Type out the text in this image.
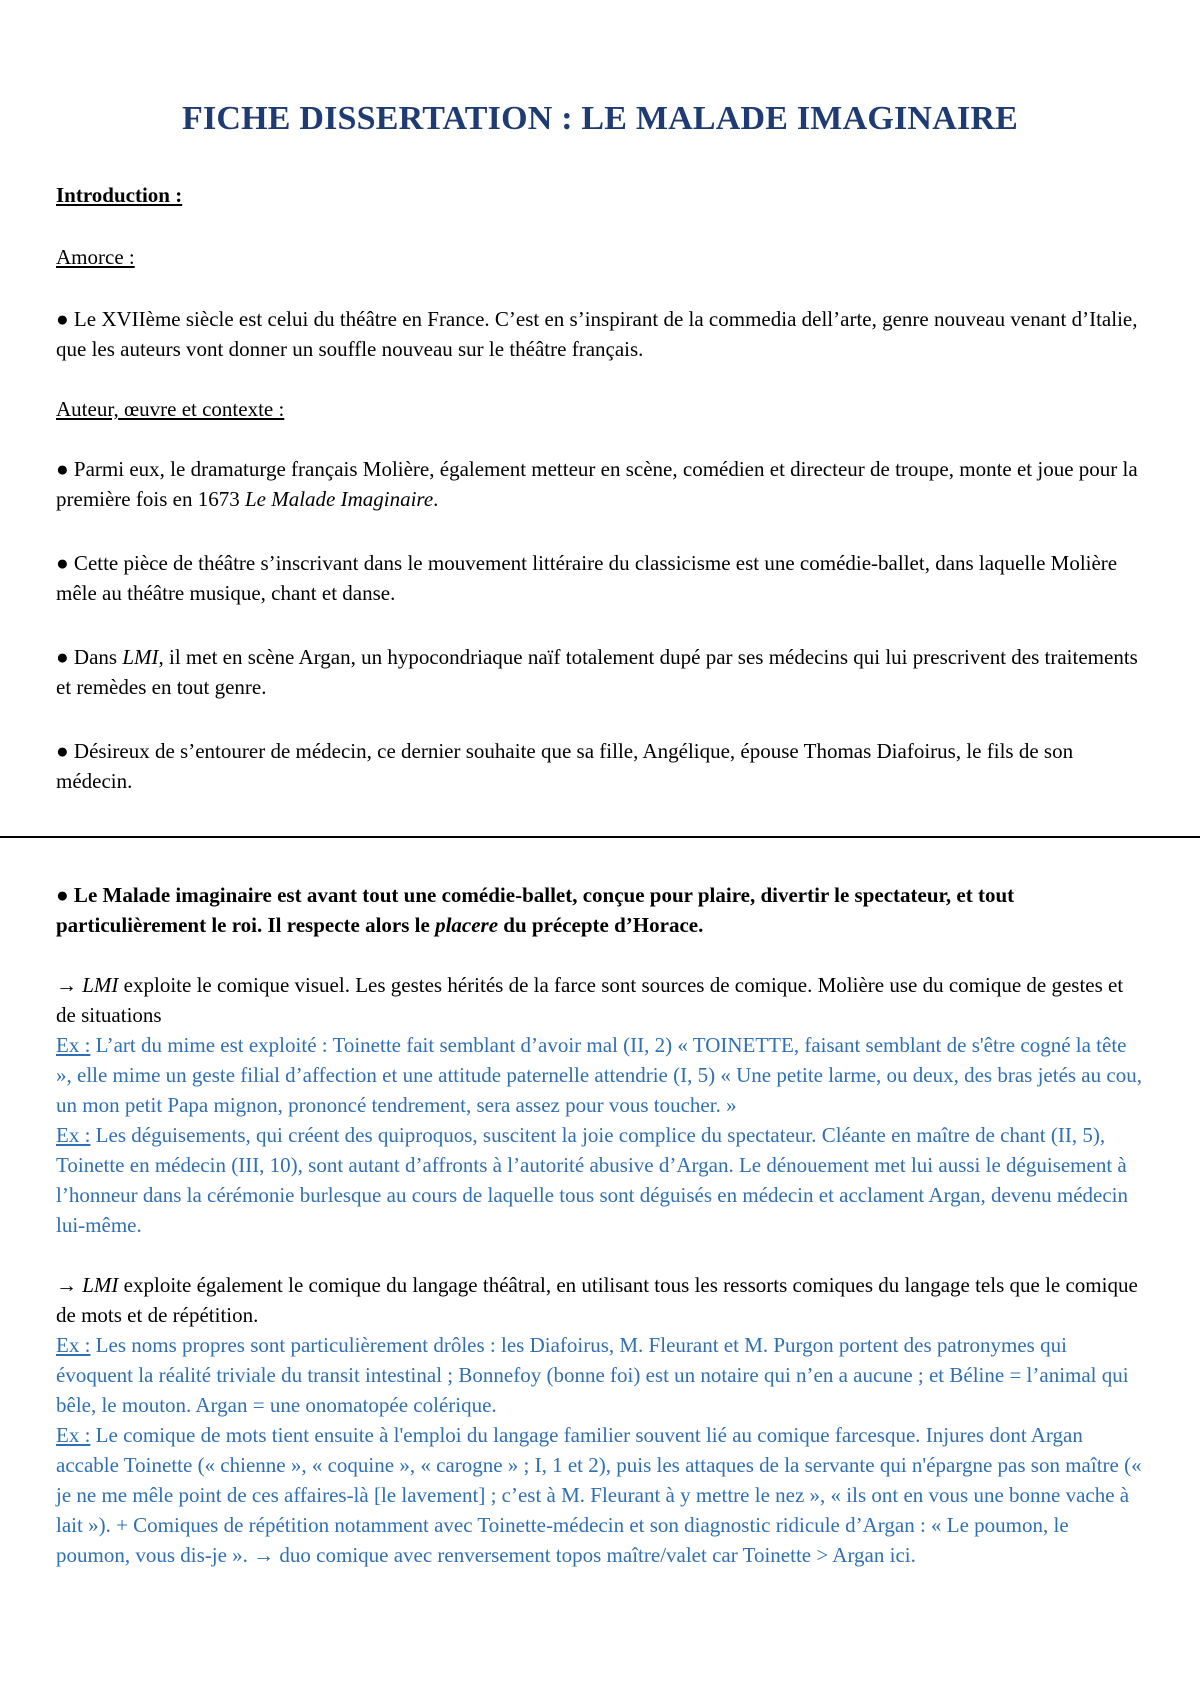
FICHE DISSERTATION : LE MALADE IMAGINAIRE

Introduction :

Amorce :

● Le XVIIème siècle est celui du théâtre en France. C’est en s’inspirant de la commedia dell’arte, genre nouveau venant d’Italie, que les auteurs vont donner un souffle nouveau sur le théâtre français.

Auteur, œuvre et contexte :

● Parmi eux, le dramaturge français Molière, également metteur en scène, comédien et directeur de troupe, monte et joue pour la première fois en 1673 Le Malade Imaginaire.

● Cette pièce de théâtre s’inscrivant dans le mouvement littéraire du classicisme est une comédie-ballet, dans laquelle Molière mêle au théâtre musique, chant et danse.

● Dans LMI, il met en scène Argan, un hypocondriaque naïf totalement dupé par ses médecins qui lui prescrivent des traitements et remèdes en tout genre.

● Désireux de s’entourer de médecin, ce dernier souhaite que sa fille, Angélique, épouse Thomas Diafoirus, le fils de son médecin.

● Le Malade imaginaire est avant tout une comédie-ballet, conçue pour plaire, divertir le spectateur, et tout particulièrement le roi. Il respecte alors le placere du précepte d’Horace.

→ LMI exploite le comique visuel. Les gestes hérités de la farce sont sources de comique. Molière use du comique de gestes et de situations

Ex : L’art du mime est exploité : Toinette fait semblant d’avoir mal (II, 2) « TOINETTE, faisant semblant de s'être cogné la tête », elle mime un geste filial d’affection et une attitude paternelle attendrie (I, 5) « Une petite larme, ou deux, des bras jetés au cou, un mon petit Papa mignon, prononcé tendrement, sera assez pour vous toucher. »

Ex : Les déguisements, qui créent des quiproquos, suscitent la joie complice du spectateur. Cléante en maître de chant (II, 5), Toinette en médecin (III, 10), sont autant d’affronts à l’autorité abusive d’Argan. Le dénouement met lui aussi le déguisement à l’honneur dans la cérémonie burlesque au cours de laquelle tous sont déguisés en médecin et acclament Argan, devenu médecin lui-même.

→ LMI exploite également le comique du langage théâtral, en utilisant tous les ressorts comiques du langage tels que le comique de mots et de répétition.

Ex : Les noms propres sont particulièrement drôles : les Diafoirus, M. Fleurant et M. Purgon portent des patronymes qui évoquent la réalité triviale du transit intestinal ; Bonnefoy (bonne foi) est un notaire qui n’en a aucune ; et Béline = l’animal qui bêle, le mouton. Argan = une onomatopée colérique.

Ex : Le comique de mots tient ensuite à l'emploi du langage familier souvent lié au comique farcesque. Injures dont Argan accable Toinette (« chienne », « coquine », « carogne » ; I, 1 et 2), puis les attaques de la servante qui n'épargne pas son maître (« je ne me mêle point de ces affaires-là [le lavement] ; c’est à M. Fleurant à y mettre le nez », « ils ont en vous une bonne vache à lait »). + Comiques de répétition notamment avec Toinette-médecin et son diagnostic ridicule d’Argan : « Le poumon, le poumon, vous dis-je ». → duo comique avec renversement topos maître/valet car Toinette > Argan ici.
